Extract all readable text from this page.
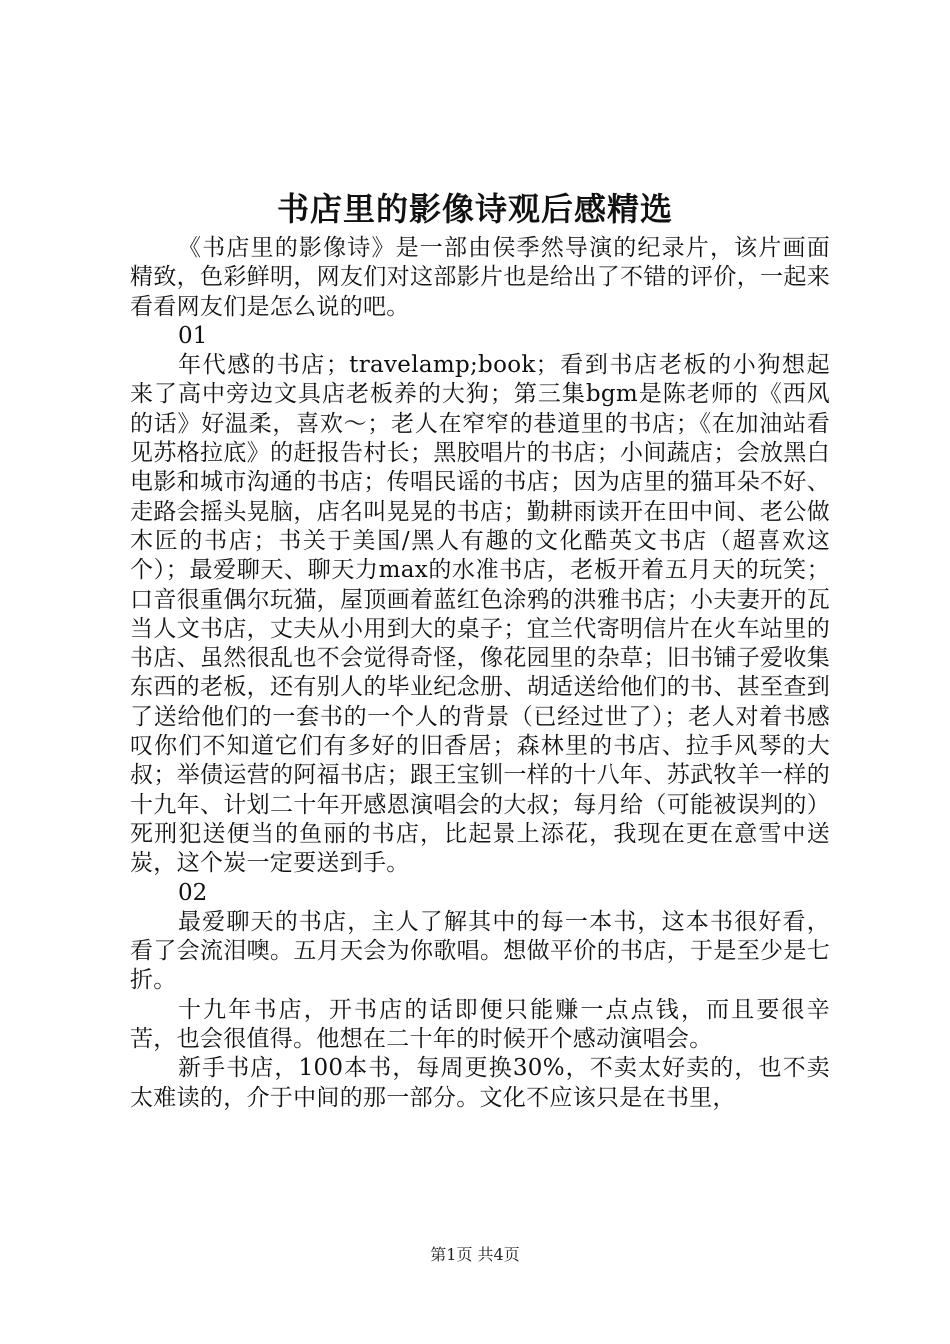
书店里的影像诗观后感精选

《书店里的影像诗》是一部由侯季然导演的纪录片，该片画面精致，色彩鲜明，网友们对这部影片也是给出了不错的评价，一起来看看网友们是怎么说的吧。

01

年代感的书店；travelamp;book；看到书店老板的小狗想起来了高中旁边文具店老板养的大狗；第三集bgm是陈老师的《西风的话》好温柔，喜欢～；老人在窄窄的巷道里的书店；《在加油站看见苏格拉底》的赶报告村长；黑胶唱片的书店；小间蔬店；会放黑白电影和城市沟通的书店；传唱民谣的书店；因为店里的猫耳朵不好、走路会摇头晃脑，店名叫晃晃的书店；勤耕雨读开在田中间、老公做木匠的书店；书关于美国/黑人有趣的文化酷英文书店（超喜欢这个）；最爱聊天、聊天力max的水准书店，老板开着五月天的玩笑；口音很重偶尔玩猫，屋顶画着蓝红色涂鸦的洪雅书店；小夫妻开的瓦当人文书店，丈夫从小用到大的桌子；宜兰代寄明信片在火车站里的书店、虽然很乱也不会觉得奇怪，像花园里的杂草；旧书铺子爱收集东西的老板，还有别人的毕业纪念册、胡适送给他们的书、甚至查到了送给他们的一套书的一个人的背景（已经过世了）；老人对着书感叹你们不知道它们有多好的旧香居；森林里的书店、拉手风琴的大叔；举债运营的阿福书店；跟王宝钏一样的十八年、苏武牧羊一样的十九年、计划二十年开感恩演唱会的大叔；每月给（可能被误判的）死刑犯送便当的鱼丽的书店，比起景上添花，我现在更在意雪中送炭，这个炭一定要送到手。

02

最爱聊天的书店，主人了解其中的每一本书，这本书很好看，看了会流泪噢。五月天会为你歌唱。想做平价的书店，于是至少是七折。

十九年书店，开书店的话即便只能赚一点点钱，而且要很辛苦，也会很值得。他想在二十年的时候开个感动演唱会。

新手书店，100本书，每周更换30%，不卖太好卖的，也不卖太难读的，介于中间的那一部分。文化不应该只是在书里，

第1页 共4页
